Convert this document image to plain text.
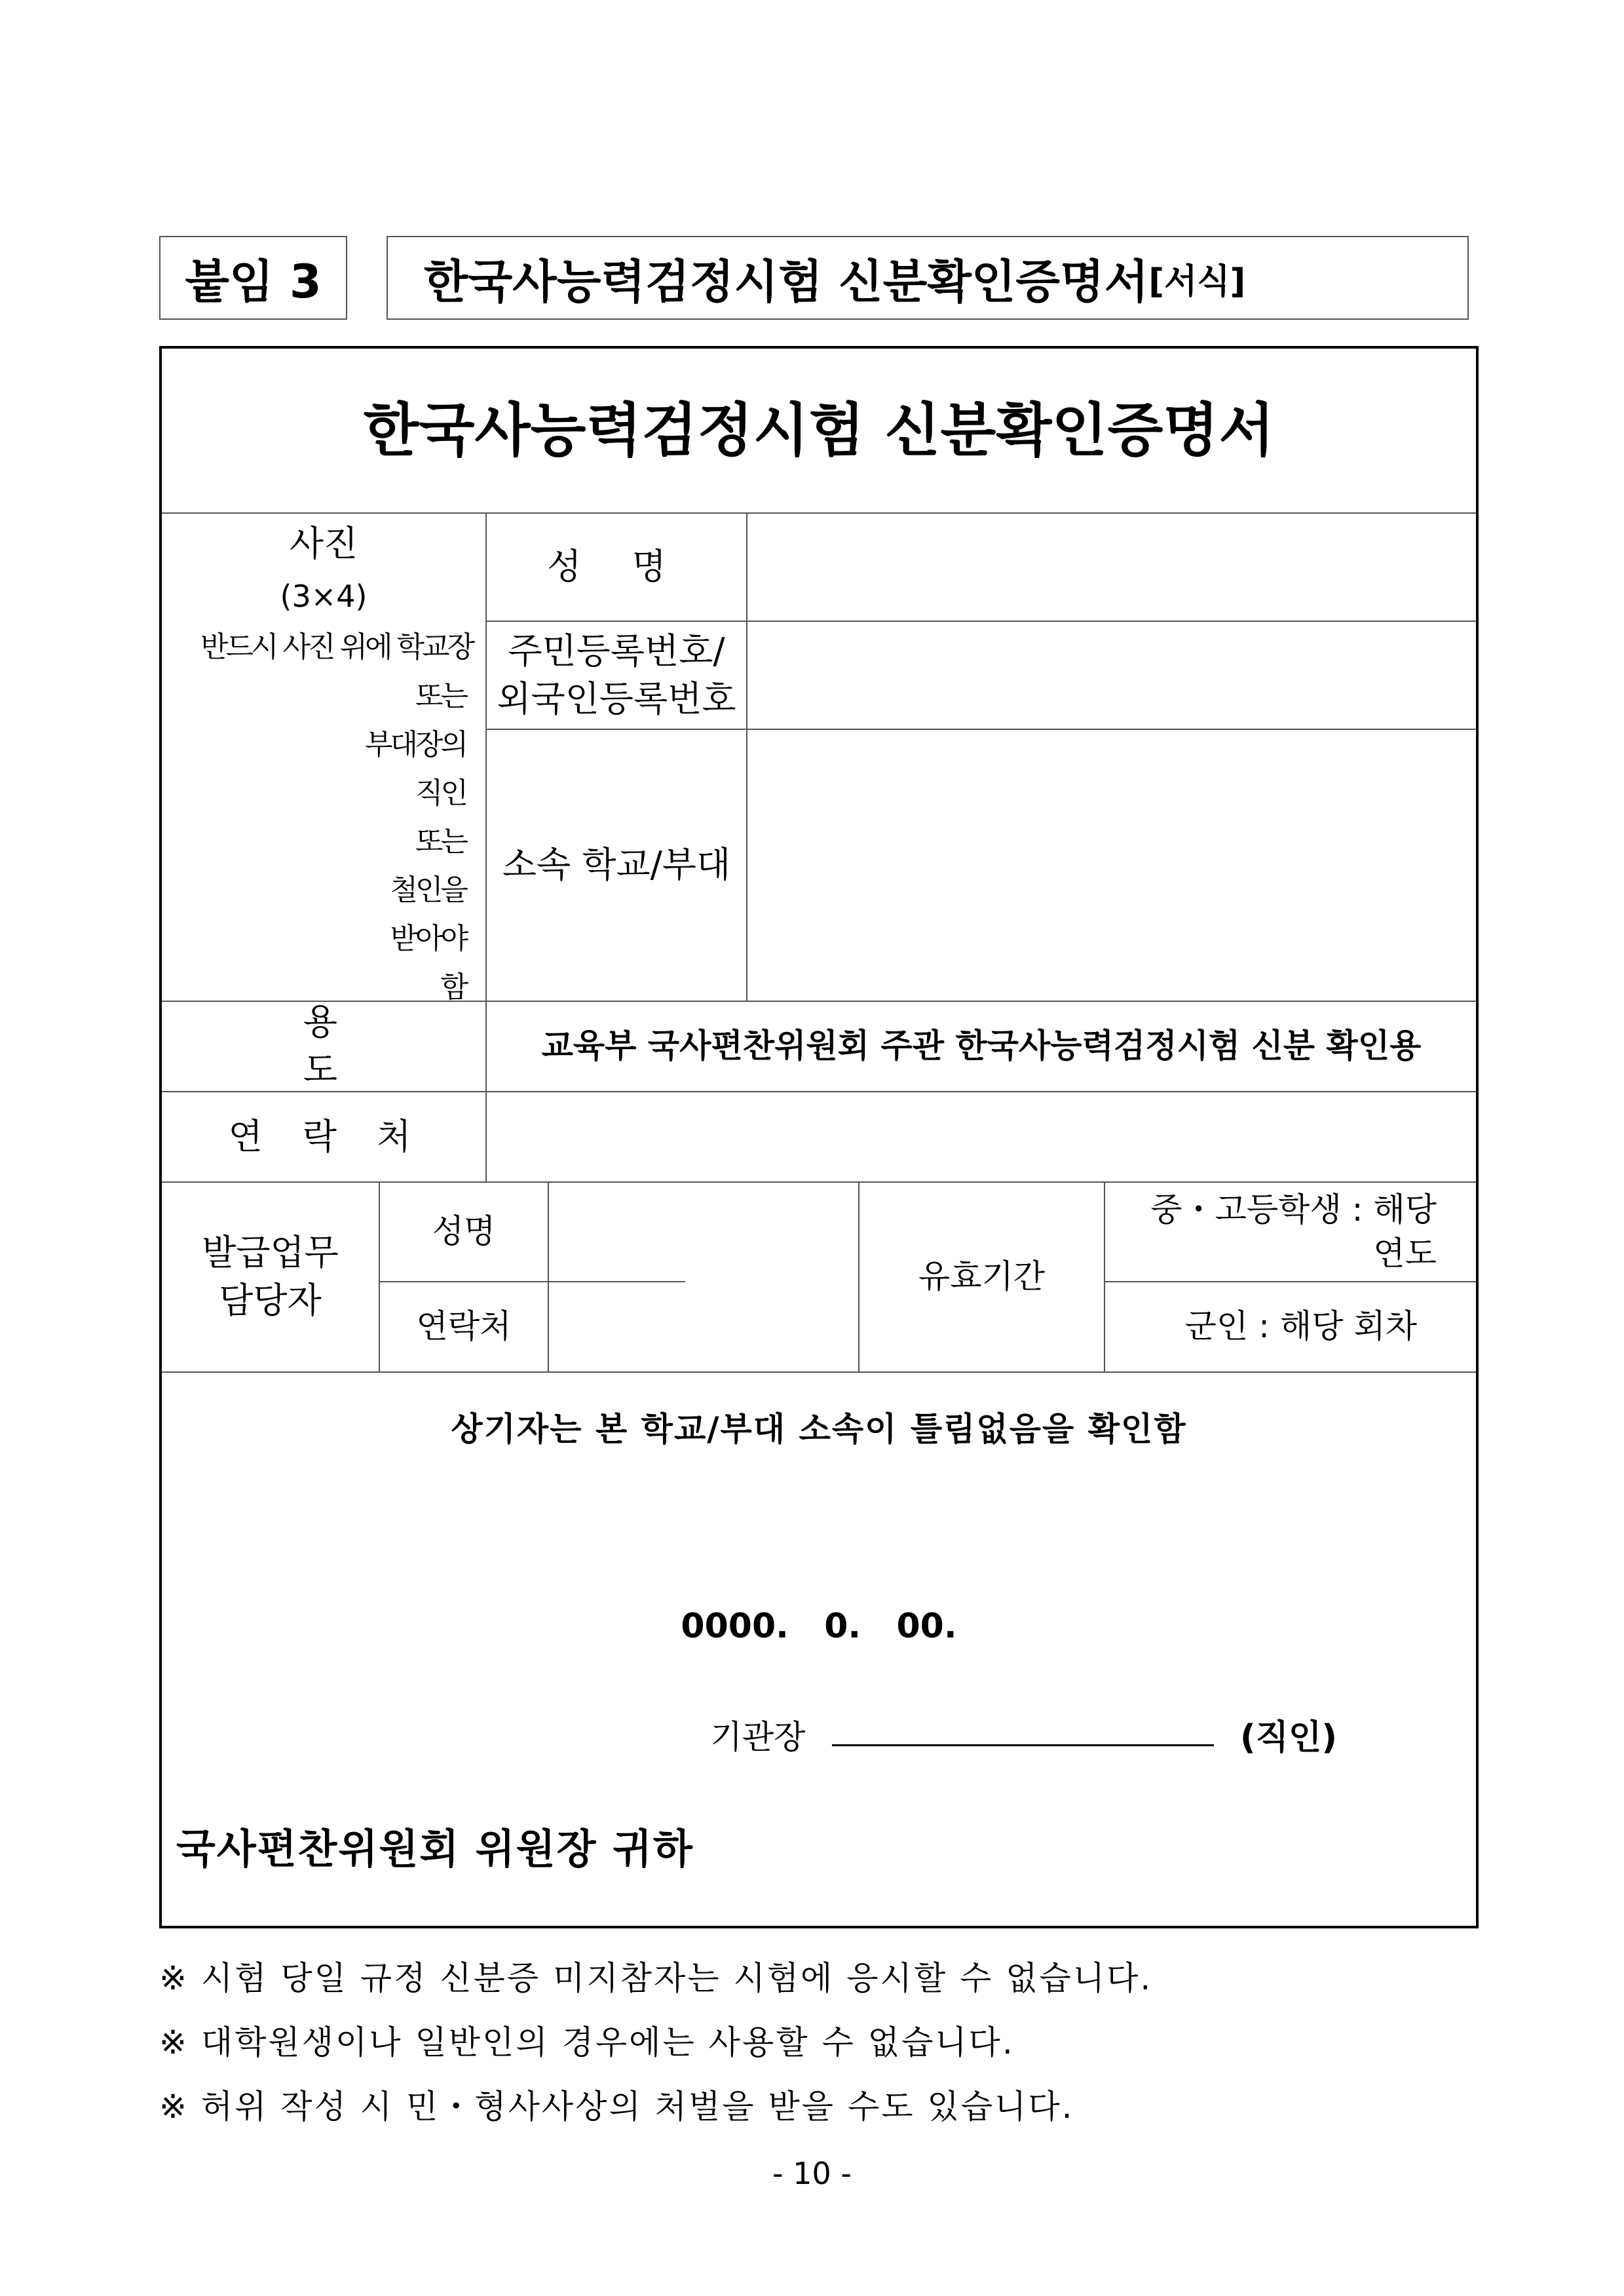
붙임 3 한국사능력검정시험 신분확인증명서 [서식]
한국사능력검정시험 신분확인증명서
사진
(3×4)
반드시 사진 위에 학교장
또는
부대장의
직인
또는
철인을
받아야
함
성 명
주민등록번호/
외국인등록번호
소속 학교/부대
용 도
교육부 국사편찬위원회 주관 한국사능력검정시험 신분 확인용
연 락 처
발급업무
담당자
성명
연락처
유효기간
중・고등학생 : 해당
연도
군인 : 해당 회차
상기자는 본 학교/부대 소속이 틀림없음을 확인함
0000.   0.   00.
기관장	(직인)
국사편찬위원회 위원장 귀하
※ 시험 당일 규정 신분증 미지참자는 시험에 응시할 수 없습니다.
※ 대학원생이나 일반인의 경우에는 사용할 수 없습니다.
※ 허위 작성 시 민・형사사상의 처벌을 받을 수도 있습니다.
- 10 -
